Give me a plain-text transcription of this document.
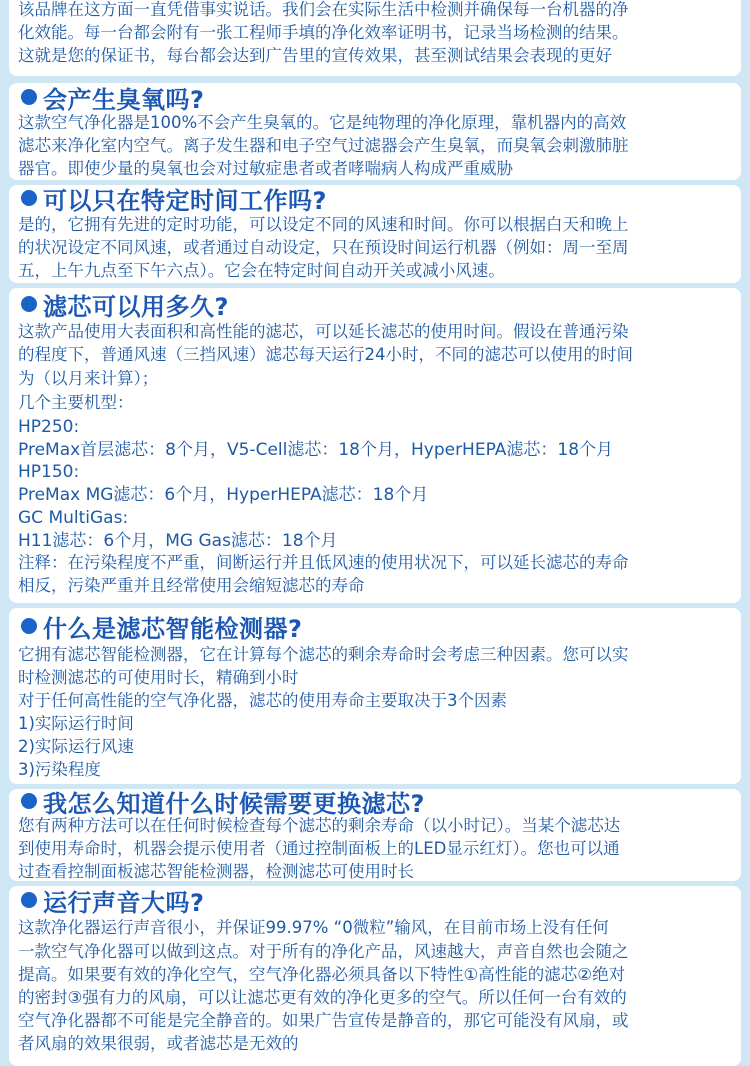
该品牌在这方面一直凭借事实说话。我们会在实际生活中检测并确保每一台机器的净
化效能。每一台都会附有一张工程师手填的净化效率证明书，记录当场检测的结果。
这就是您的保证书，每台都会达到广告里的宣传效果，甚至测试结果会表现的更好
会产生臭氧吗?
这款空气净化器是100%不会产生臭氧的。它是纯物理的净化原理，靠机器内的高效
滤芯来净化室内空气。离子发生器和电子空气过滤器会产生臭氧，而臭氧会刺激肺脏
器官。即使少量的臭氧也会对过敏症患者或者哮喘病人构成严重威胁
可以只在特定时间工作吗?
是的，它拥有先进的定时功能，可以设定不同的风速和时间。你可以根据白天和晚上
的状况设定不同风速，或者通过自动设定，只在预设时间运行机器（例如：周一至周
五，上午九点至下午六点）。它会在特定时间自动开关或减小风速。
滤芯可以用多久?
这款产品使用大表面积和高性能的滤芯，可以延长滤芯的使用时间。假设在普通污染
的程度下，普通风速（三挡风速）滤芯每天运行24小时，不同的滤芯可以使用的时间
为（以月来计算）；
几个主要机型：
HP250:
PreMax首层滤芯：8个月，V5-Cell滤芯：18个月，HyperHEPA滤芯：18个月
HP150:
PreMax MG滤芯：6个月，HyperHEPA滤芯：18个月
GC MultiGas:
H11滤芯：6个月，MG Gas滤芯：18个月
注释：在污染程度不严重，间断运行并且低风速的使用状况下，可以延长滤芯的寿命
相反，污染严重并且经常使用会缩短滤芯的寿命
什么是滤芯智能检测器?
它拥有滤芯智能检测器，它在计算每个滤芯的剩余寿命时会考虑三种因素。您可以实
时检测滤芯的可使用时长，精确到小时
对于任何高性能的空气净化器，滤芯的使用寿命主要取决于3个因素
1)实际运行时间
2)实际运行风速
3)污染程度
我怎么知道什么时候需要更换滤芯?
您有两种方法可以在任何时候检查每个滤芯的剩余寿命（以小时记）。当某个滤芯达
到使用寿命时，机器会提示使用者（通过控制面板上的LED显示红灯）。您也可以通
过查看控制面板滤芯智能检测器，检测滤芯可使用时长
运行声音大吗?
这款净化器运行声音很小，并保证99.97% “0微粒”输风，在目前市场上没有任何
一款空气净化器可以做到这点。对于所有的净化产品，风速越大，声音自然也会随之
提高。如果要有效的净化空气，空气净化器必须具备以下特性①高性能的滤芯②绝对
的密封③强有力的风扇，可以让滤芯更有效的净化更多的空气。所以任何一台有效的
空气净化器都不可能是完全静音的。如果广告宣传是静音的，那它可能没有风扇，或
者风扇的效果很弱，或者滤芯是无效的
